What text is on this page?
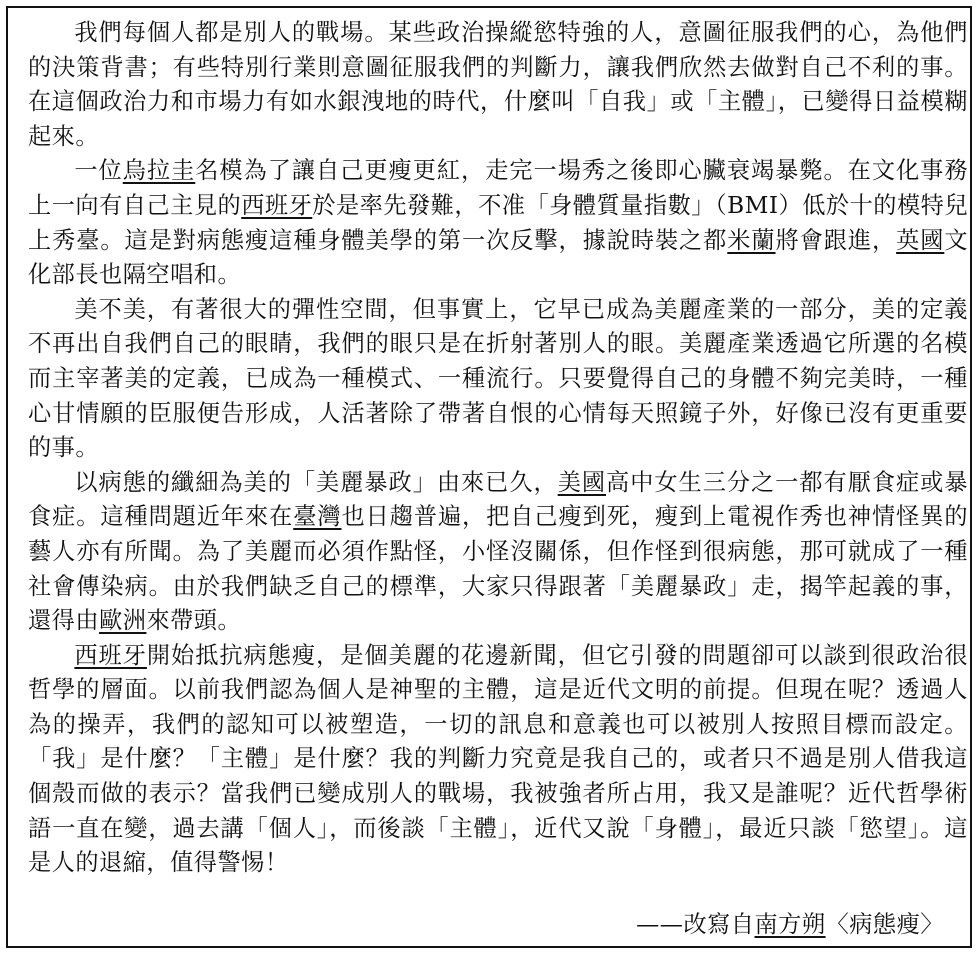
我們每個人都是別人的戰場。某些政治操縱慾特強的人，意圖征服我們的心，為他們的決策背書；有些特別行業則意圖征服我們的判斷力，讓我們欣然去做對自己不利的事。在這個政治力和市場力有如水銀洩地的時代，什麼叫「自我」或「主體」，已變得日益模糊起來。

一位烏拉圭名模為了讓自己更瘦更紅，走完一場秀之後即心臟衰竭暴斃。在文化事務上一向有自己主見的西班牙於是率先發難，不准「身體質量指數」（BMI）低於十的模特兒上秀臺。這是對病態瘦這種身體美學的第一次反擊，據說時裝之都米蘭將會跟進，英國文化部長也隔空唱和。

美不美，有著很大的彈性空間，但事實上，它早已成為美麗產業的一部分，美的定義不再出自我們自己的眼睛，我們的眼只是在折射著別人的眼。美麗產業透過它所選的名模而主宰著美的定義，已成為一種模式、一種流行。只要覺得自己的身體不夠完美時，一種心甘情願的臣服便告形成，人活著除了帶著自恨的心情每天照鏡子外，好像已沒有更重要的事。

以病態的纖細為美的「美麗暴政」由來已久，美國高中女生三分之一都有厭食症或暴食症。這種問題近年來在臺灣也日趨普遍，把自己瘦到死，瘦到上電視作秀也神情怪異的藝人亦有所聞。為了美麗而必須作點怪，小怪沒關係，但作怪到很病態，那可就成了一種社會傳染病。由於我們缺乏自己的標準，大家只得跟著「美麗暴政」走，揭竿起義的事，還得由歐洲來帶頭。

西班牙開始抵抗病態瘦，是個美麗的花邊新聞，但它引發的問題卻可以談到很政治很哲學的層面。以前我們認為個人是神聖的主體，這是近代文明的前提。但現在呢？透過人為的操弄，我們的認知可以被塑造，一切的訊息和意義也可以被別人按照目標而設定。「我」是什麼？「主體」是什麼？我的判斷力究竟是我自己的，或者只不過是別人借我這個殼而做的表示？當我們已變成別人的戰場，我被強者所占用，我又是誰呢？近代哲學術語一直在變，過去講「個人」，而後談「主體」，近代又說「身體」，最近只談「慾望」。這是人的退縮，值得警惕！

——改寫自南方朔〈病態瘦〉
